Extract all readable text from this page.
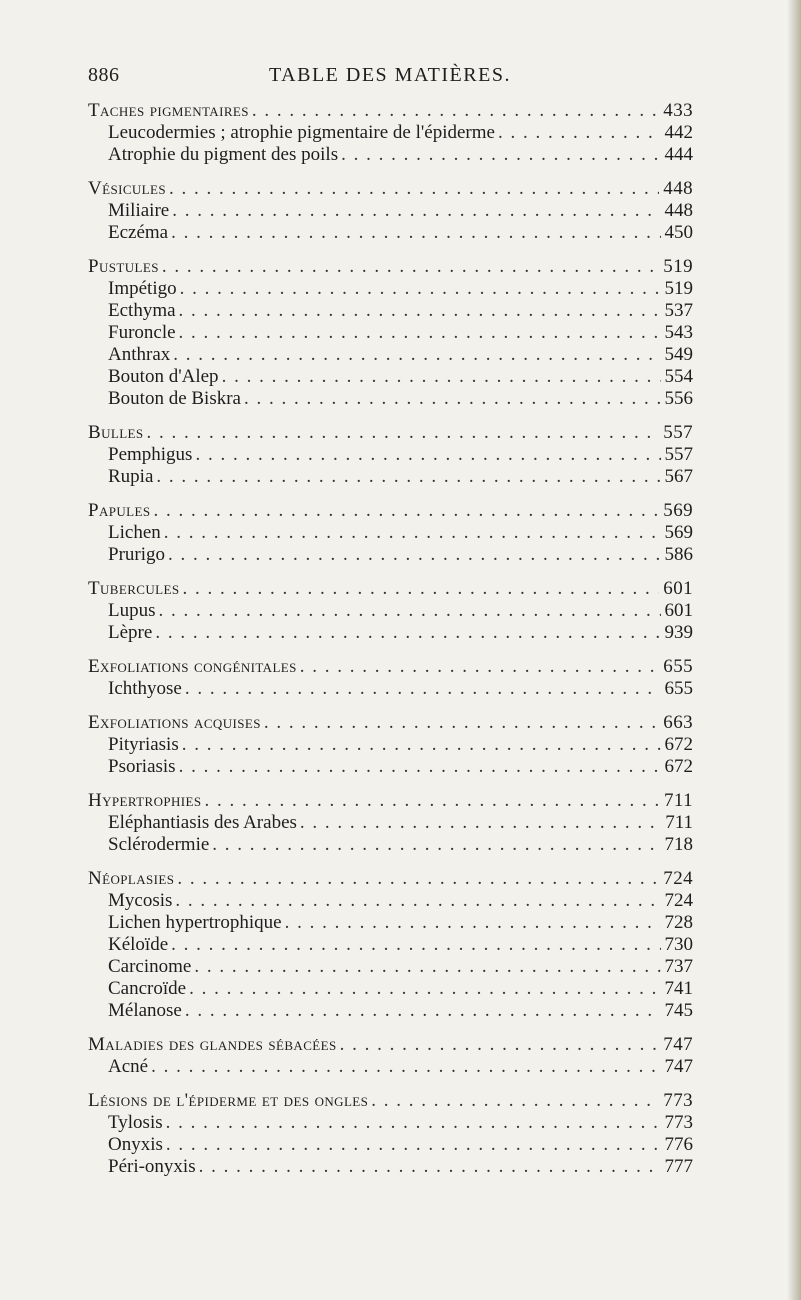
886	TABLE DES MATIÈRES.
Taches pigmentaires . . .	433
Leucodermies ; atrophie pigmentaire de l'épiderme . . .	442
Atrophie du pigment des poils . . .	444
Vésicules . . .	448
Miliaire . . .	448
Eczéma . . .	450
Pustules . . .	519
Impétigo . . .	519
Ecthyma . . .	537
Furoncle . . .	543
Anthrax . . .	549
Bouton d'Alep . . .	554
Bouton de Biskra . . .	556
Bulles . . .	557
Pemphigus . . .	557
Rupia . . .	567
Papules . . .	569
Lichen . . .	569
Prurigo . . .	586
Tubercules . . .	601
Lupus . . .	601
Lèpre . . .	939
Exfoliations congénitales . . .	655
Ichthyose . . .	655
Exfoliations acquises . . .	663
Pityriasis . . .	672
Psoriasis . . .	672
Hypertrophies . . .	711
Eléphantiasis des Arabes . . .	711
Sclérodermie . . .	718
Néoplasies . . .	724
Mycosis . . .	724
Lichen hypertrophique . . .	728
Kéloïde . . .	730
Carcinome . . .	737
Cancroïde . . .	741
Mélanose . . .	745
Maladies des glandes sébacées . . .	747
Acné . . .	747
Lésions de l'épiderme et des ongles . . .	773
Tylosis . . .	773
Onyxis . . .	776
Péri-onyxis . . .	777
